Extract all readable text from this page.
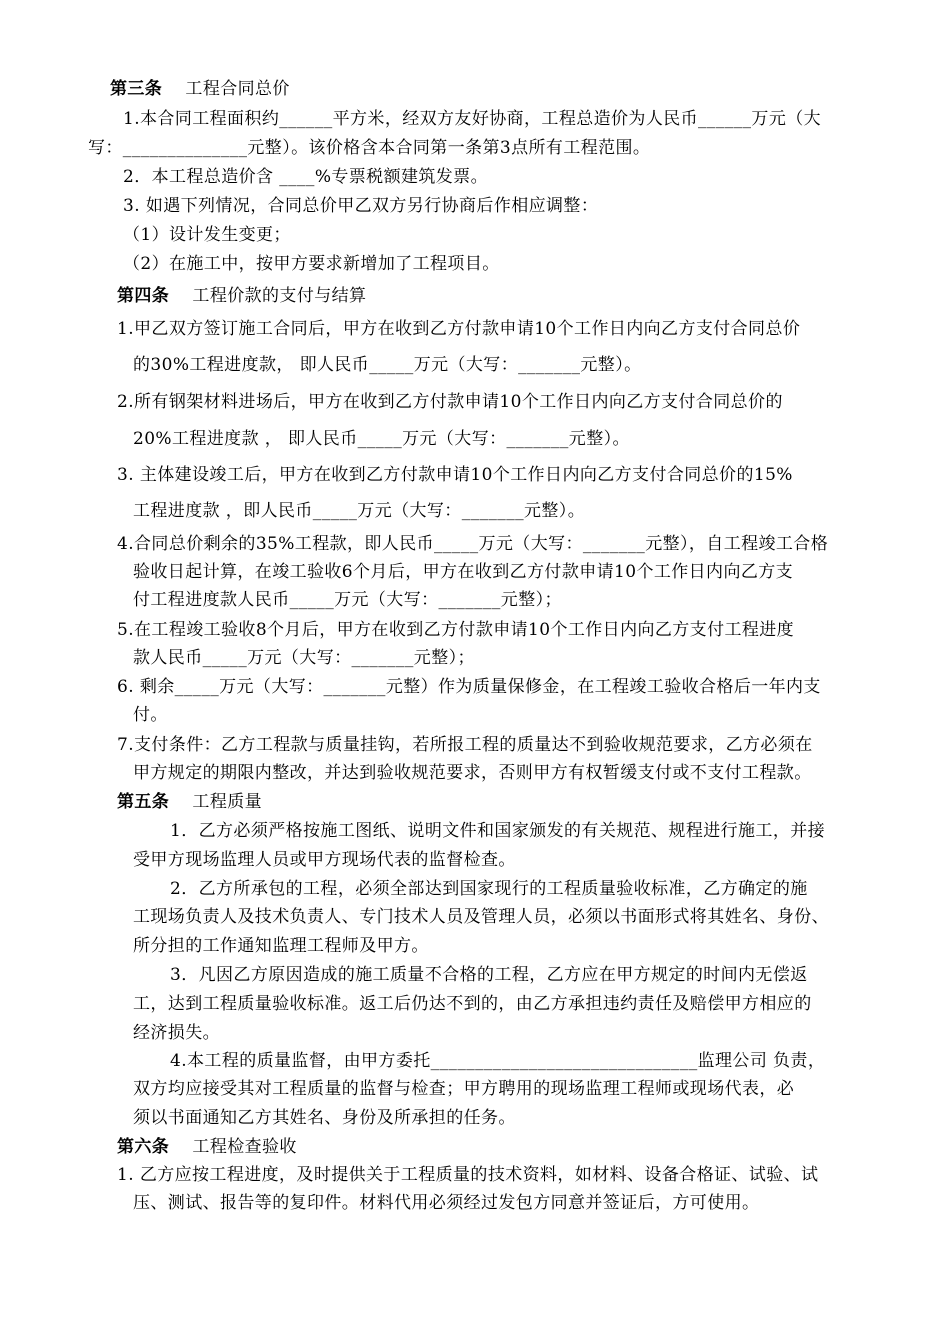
第三条 工程合同总价
1.本合同工程面积约______平方米，经双方友好协商，工程总造价为人民币______万元（大
写：______________元整）。该价格含本合同第一条第3点所有工程范围。
2．本工程总造价含 ____%专票税额建筑发票。
3. 如遇下列情况，合同总价甲乙双方另行协商后作相应调整：
（1）设计发生变更；
（2）在施工中，按甲方要求新增加了工程项目。
第四条 工程价款的支付与结算
1.甲乙双方签订施工合同后，甲方在收到乙方付款申请10个工作日内向乙方支付合同总价
的30%工程进度款， 即人民币_____万元（大写：_______元整）。
2.所有钢架材料进场后，甲方在收到乙方付款申请10个工作日内向乙方支付合同总价的
20%工程进度款 ， 即人民币_____万元（大写：_______元整）。
3. 主体建设竣工后，甲方在收到乙方付款申请10个工作日内向乙方支付合同总价的15%
工程进度款 ，即人民币_____万元（大写：_______元整）。
4.合同总价剩余的35%工程款，即人民币_____万元（大写：_______元整），自工程竣工合格
验收日起计算，在竣工验收6个月后，甲方在收到乙方付款申请10个工作日内向乙方支
付工程进度款人民币_____万元（大写：_______元整）；
5.在工程竣工验收8个月后，甲方在收到乙方付款申请10个工作日内向乙方支付工程进度
款人民币_____万元（大写：_______元整）；
6. 剩余_____万元（大写：_______元整）作为质量保修金，在工程竣工验收合格后一年内支
付。
7.支付条件：乙方工程款与质量挂钩，若所报工程的质量达不到验收规范要求，乙方必须在
甲方规定的期限内整改，并达到验收规范要求，否则甲方有权暂缓支付或不支付工程款。
第五条 工程质量
1．乙方必须严格按施工图纸、说明文件和国家颁发的有关规范、规程进行施工，并接
受甲方现场监理人员或甲方现场代表的监督检查。
2．乙方所承包的工程，必须全部达到国家现行的工程质量验收标准，乙方确定的施
工现场负责人及技术负责人、专门技术人员及管理人员，必须以书面形式将其姓名、身份、
所分担的工作通知监理工程师及甲方。
3．凡因乙方原因造成的施工质量不合格的工程，乙方应在甲方规定的时间内无偿返
工，达到工程质量验收标准。返工后仍达不到的，由乙方承担违约责任及赔偿甲方相应的
经济损失。
4.本工程的质量监督，由甲方委托______________________________监理公司 负责，
双方均应接受其对工程质量的监督与检查；甲方聘用的现场监理工程师或现场代表，必
须以书面通知乙方其姓名、身份及所承担的任务。
第六条 工程检查验收
1. 乙方应按工程进度，及时提供关于工程质量的技术资料，如材料、设备合格证、试验、试
压、测试、报告等的复印件。材料代用必须经过发包方同意并签证后，方可使用。
